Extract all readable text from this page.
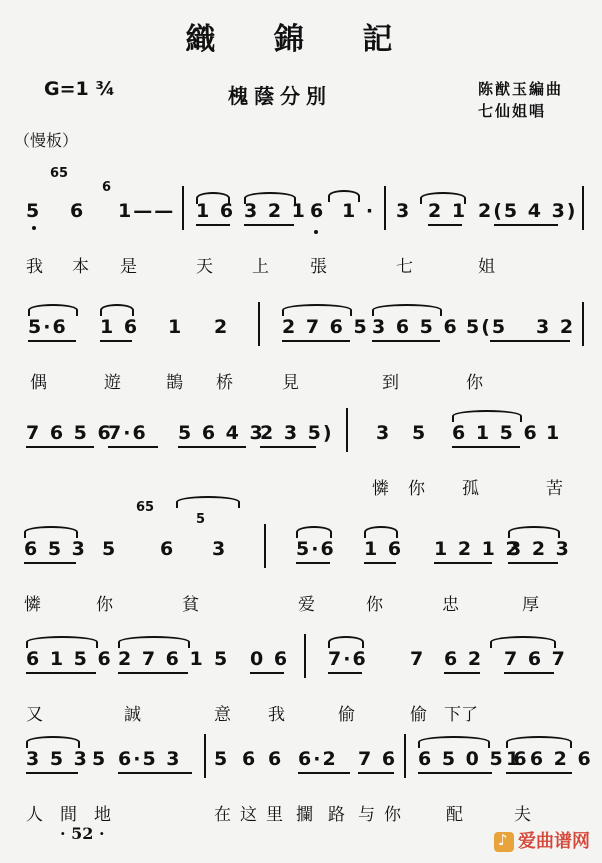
織 錦 記
G=1 ¾	槐蔭分別	陈猷玉編曲
七仙姐唱
（慢板）
65
6
5 6 1—— 1 6 3 2 1 6 1 · 3 2 1 2(5 4 3)
我 本 是	天 上 張	七	姐
5·6 1 6 1 2	2 7 6 5 3 6 5 6 5(5 3 2
偶	遊	鵲 桥	見	到	你
7 6 5 6
7·6 5 6 4 3
2 3 5) 3 5 6 1 5 6 1
憐 你 孤	苦
65
5
6 5 3 5 6 3	5·6 1 6 1 2 1 2
3 2 3
憐	你	貧	爱	你	忠	厚
6 1 5 6 2 7 6 1 5 0 6 7·6 7 6 2 7 6 7
又	誠	意 我	偷	偷 下了
3 5 3 5 6·5 3 5 6 6 6·2 7 6 6 5 0 5 6
1 6 2 6
人 間 地	在 这 里 攔 路 与 你	配	夫
· 52 ·
♪	爱曲谱网
